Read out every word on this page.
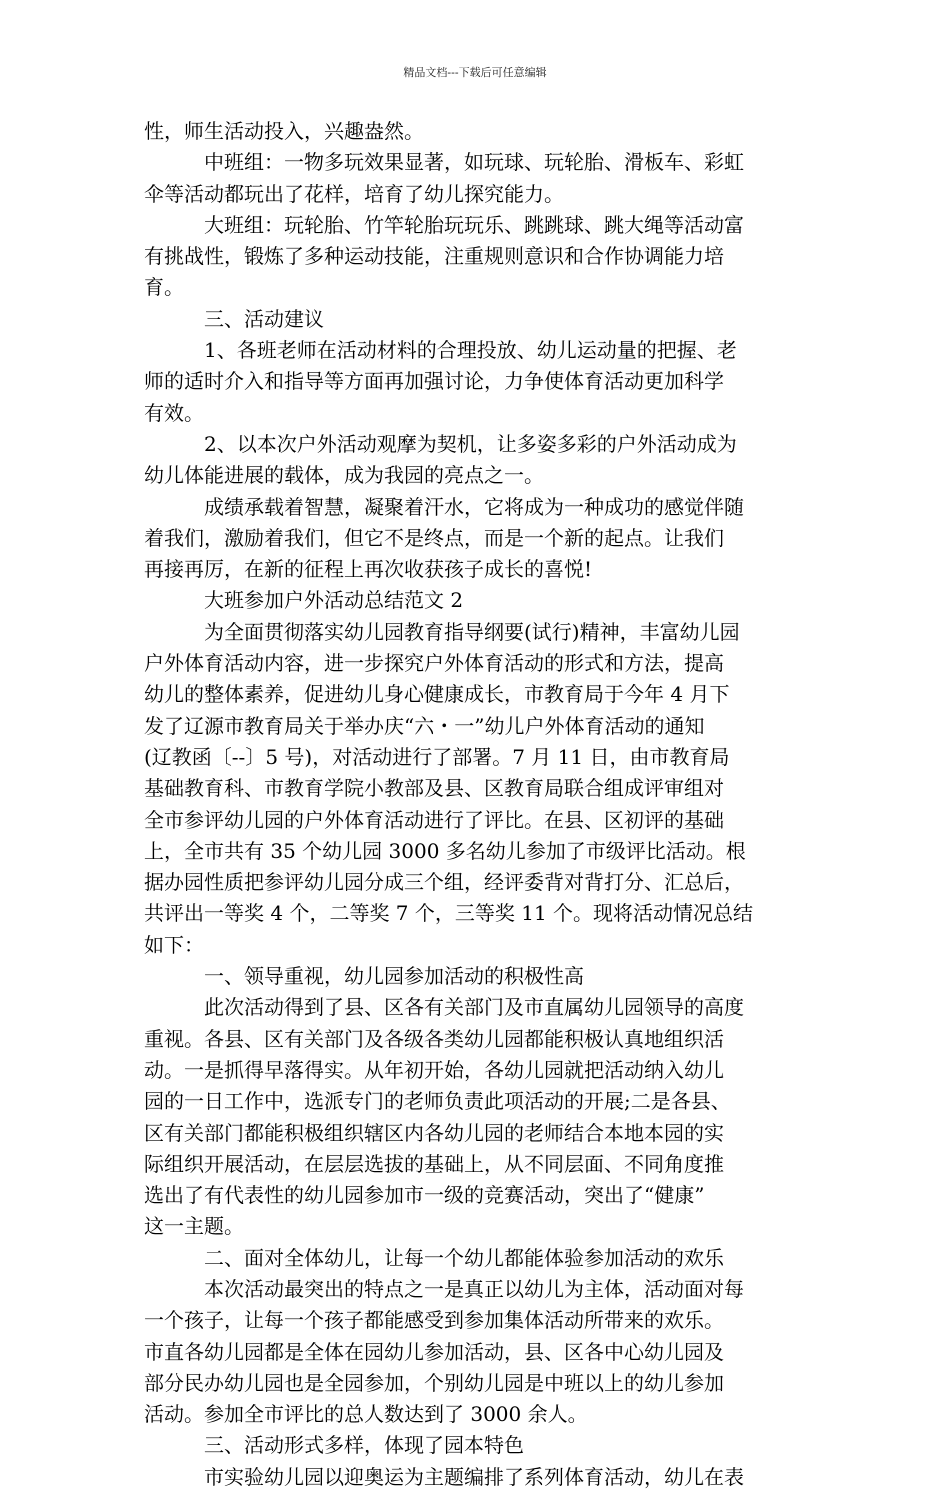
精品文档---下载后可任意编辑
性，师生活动投入，兴趣盎然。
中班组：一物多玩效果显著，如玩球、玩轮胎、滑板车、彩虹
伞等活动都玩出了花样，培育了幼儿探究能力。
大班组：玩轮胎、竹竿轮胎玩玩乐、跳跳球、跳大绳等活动富
有挑战性，锻炼了多种运动技能，注重规则意识和合作协调能力培
育。
三、活动建议
1、各班老师在活动材料的合理投放、幼儿运动量的把握、老
师的适时介入和指导等方面再加强讨论，力争使体育活动更加科学
有效。
2、以本次户外活动观摩为契机，让多姿多彩的户外活动成为
幼儿体能进展的载体，成为我园的亮点之一。
成绩承载着智慧，凝聚着汗水，它将成为一种成功的感觉伴随
着我们，激励着我们，但它不是终点，而是一个新的起点。让我们
再接再厉，在新的征程上再次收获孩子成长的喜悦!
大班参加户外活动总结范文 2
为全面贯彻落实幼儿园教育指导纲要(试行)精神，丰富幼儿园
户外体育活动内容，进一步探究户外体育活动的形式和方法，提高
幼儿的整体素养，促进幼儿身心健康成长，市教育局于今年 4 月下
发了辽源市教育局关于举办庆“六・一”幼儿户外体育活动的通知
(辽教函〔--〕5 号)，对活动进行了部署。7 月 11 日，由市教育局
基础教育科、市教育学院小教部及县、区教育局联合组成评审组对
全市参评幼儿园的户外体育活动进行了评比。在县、区初评的基础
上，全市共有 35 个幼儿园 3000 多名幼儿参加了市级评比活动。根
据办园性质把参评幼儿园分成三个组，经评委背对背打分、汇总后，
共评出一等奖 4 个，二等奖 7 个，三等奖 11 个。现将活动情况总结
如下：
一、领导重视，幼儿园参加活动的积极性高
此次活动得到了县、区各有关部门及市直属幼儿园领导的高度
重视。各县、区有关部门及各级各类幼儿园都能积极认真地组织活
动。一是抓得早落得实。从年初开始，各幼儿园就把活动纳入幼儿
园的一日工作中，选派专门的老师负责此项活动的开展;二是各县、
区有关部门都能积极组织辖区内各幼儿园的老师结合本地本园的实
际组织开展活动，在层层选拔的基础上，从不同层面、不同角度推
选出了有代表性的幼儿园参加市一级的竞赛活动，突出了“健康”
这一主题。
二、面对全体幼儿，让每一个幼儿都能体验参加活动的欢乐
本次活动最突出的特点之一是真正以幼儿为主体，活动面对每
一个孩子，让每一个孩子都能感受到参加集体活动所带来的欢乐。
市直各幼儿园都是全体在园幼儿参加活动，县、区各中心幼儿园及
部分民办幼儿园也是全园参加，个别幼儿园是中班以上的幼儿参加
活动。参加全市评比的总人数达到了 3000 余人。
三、活动形式多样，体现了园本特色
市实验幼儿园以迎奥运为主题编排了系列体育活动，幼儿在表
